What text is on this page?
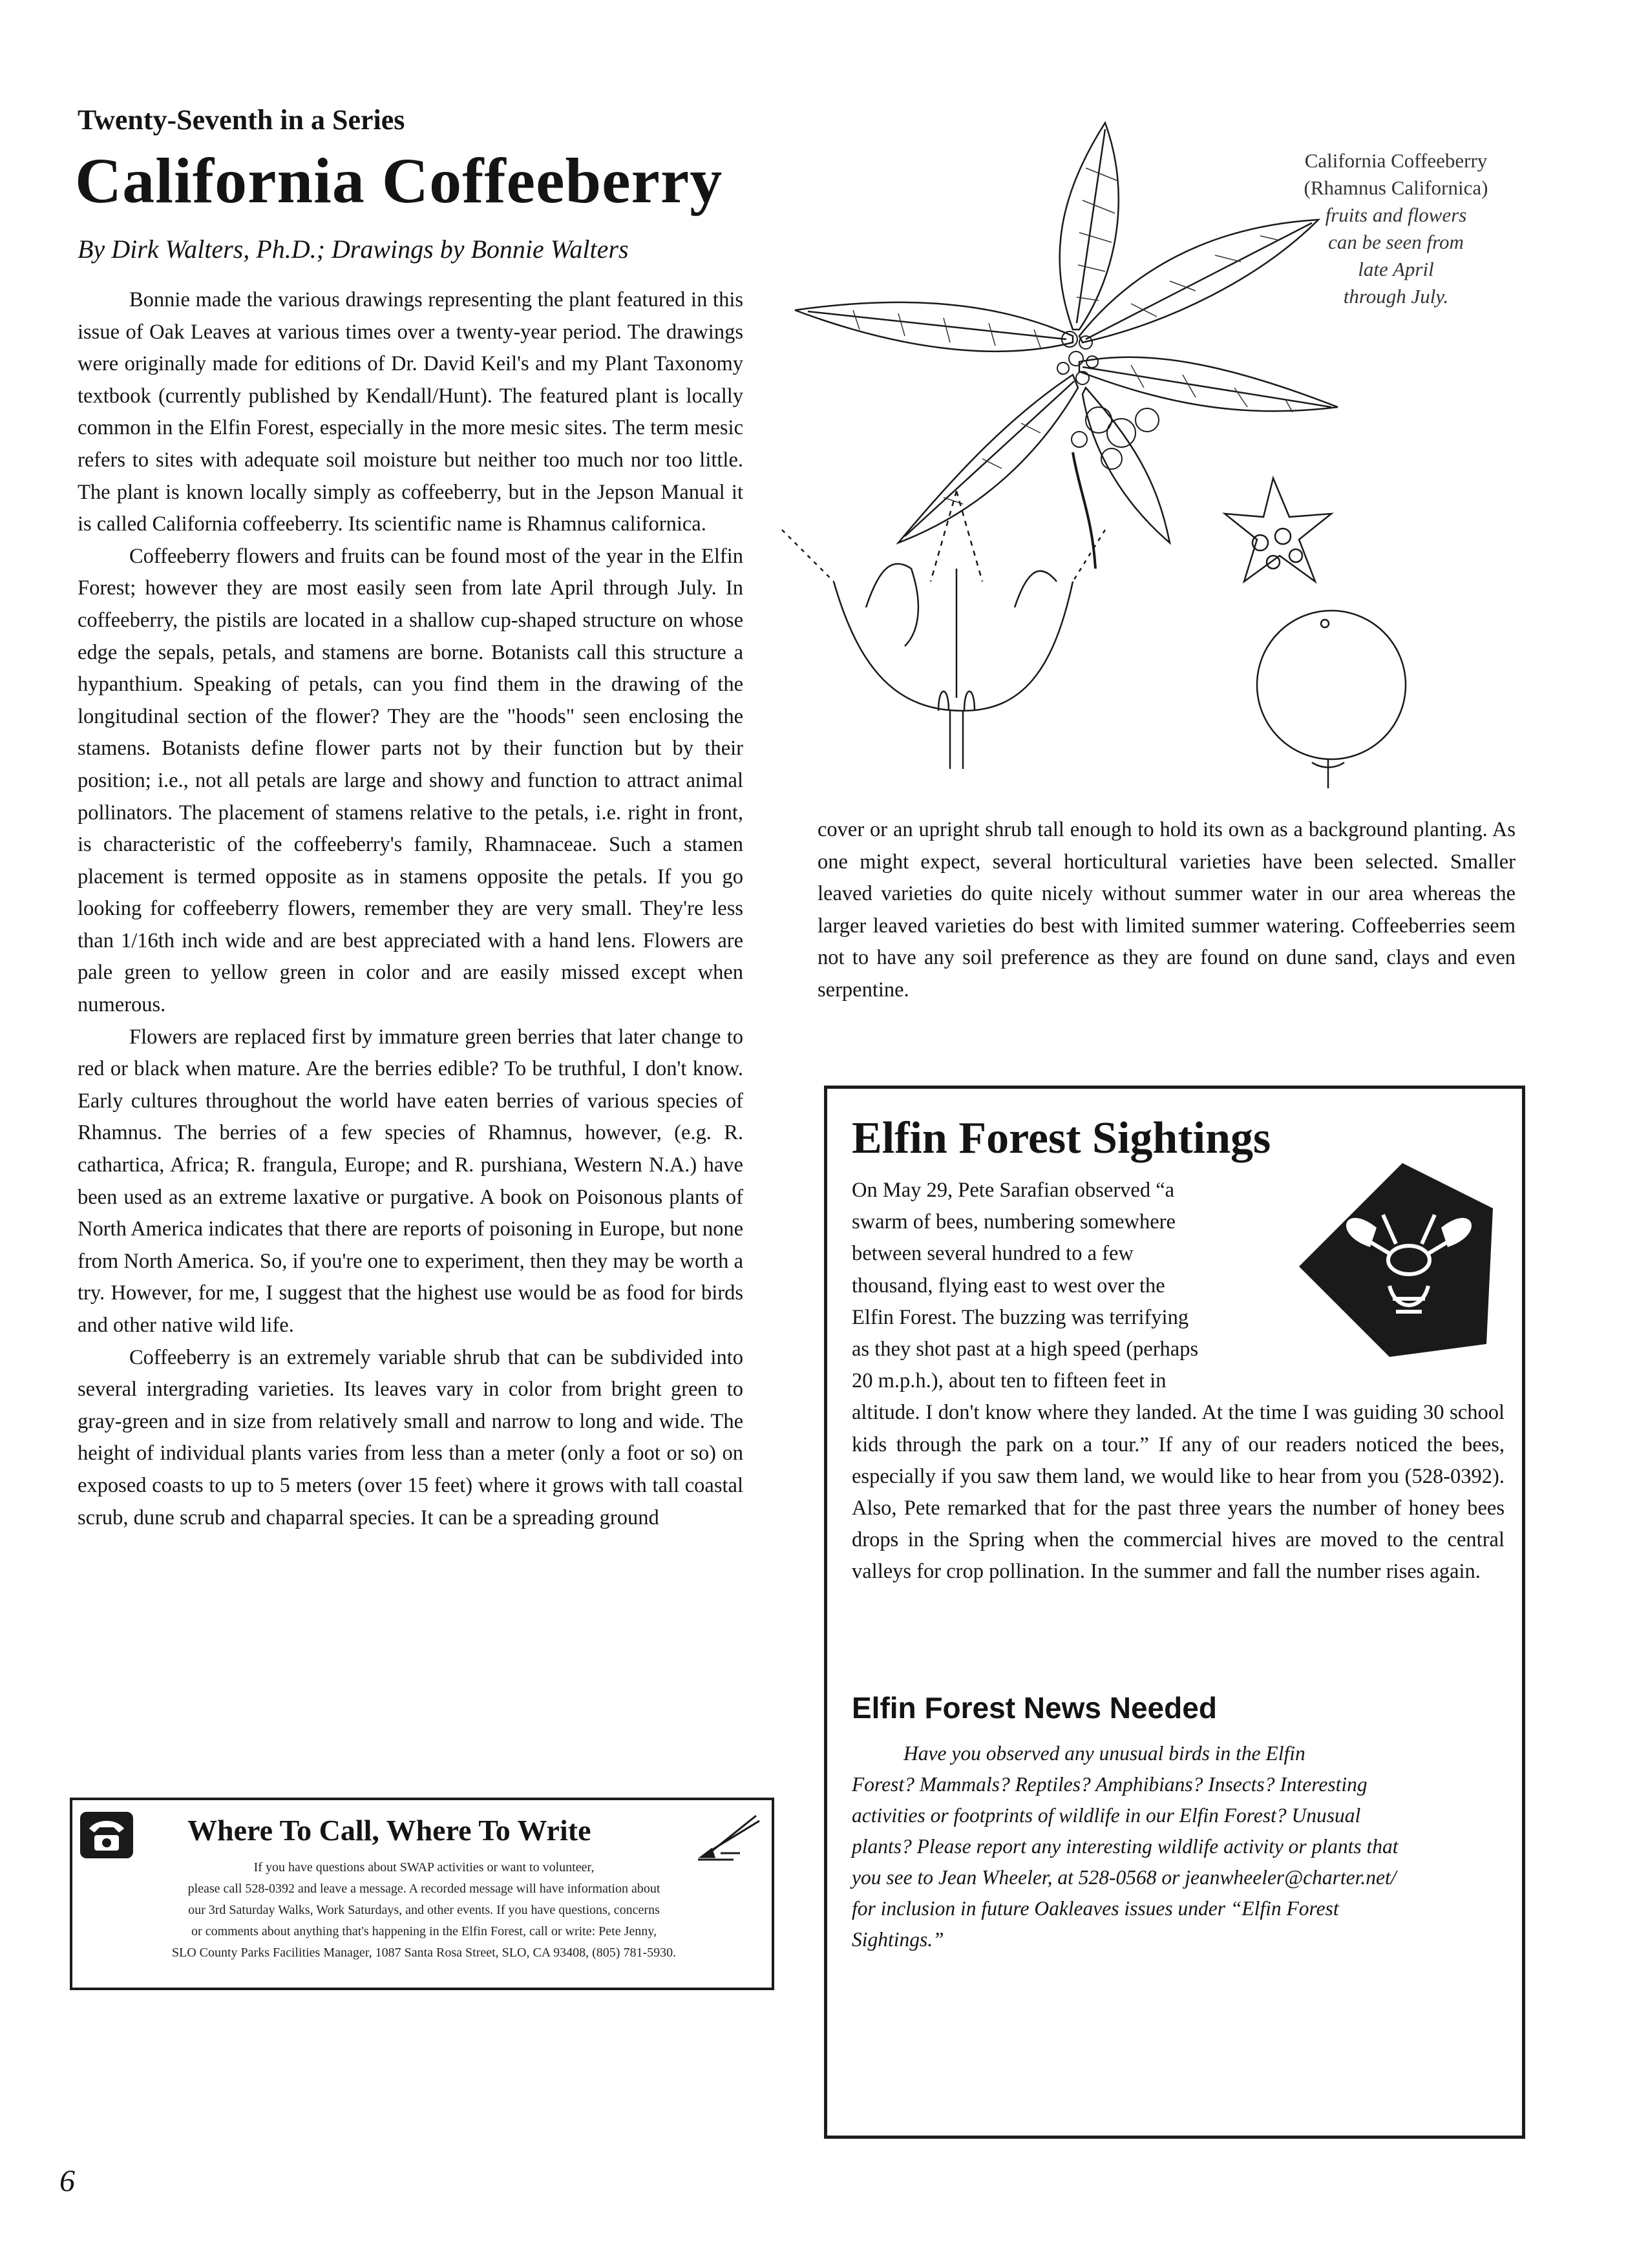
Twenty-Seventh in a Series
California Coffeeberry
By Dirk Walters, Ph.D.; Drawings by Bonnie Walters

Bonnie made the various drawings representing the plant featured in this issue of Oak Leaves at various times over a twenty-year period. The drawings were originally made for editions of Dr. David Keil's and my Plant Taxonomy textbook (currently published by Kendall/Hunt). The featured plant is locally common in the Elfin Forest, especially in the more mesic sites. The term mesic refers to sites with adequate soil moisture but neither too much nor too little. The plant is known locally simply as coffeeberry, but in the Jepson Manual it is called California coffeeberry. Its scientific name is Rhamnus californica.

Coffeeberry flowers and fruits can be found most of the year in the Elfin Forest; however they are most easily seen from late April through July. In coffeeberry, the pistils are located in a shallow cup-shaped structure on whose edge the sepals, petals, and stamens are borne. Botanists call this structure a hypanthium. Speaking of petals, can you find them in the drawing of the longitudinal section of the flower? They are the "hoods" seen enclosing the stamens. Botanists define flower parts not by their function but by their position; i.e., not all petals are large and showy and function to attract animal pollinators. The placement of stamens relative to the petals, i.e. right in front, is characteristic of the coffeeberry's family, Rhamnaceae. Such a stamen placement is termed opposite as in stamens opposite the petals. If you go looking for coffeeberry flowers, remember they are very small. They're less than 1/16th inch wide and are best appreciated with a hand lens. Flowers are pale green to yellow green in color and are easily missed except when numerous.

Flowers are replaced first by immature green berries that later change to red or black when mature. Are the berries edible? To be truthful, I don't know. Early cultures throughout the world have eaten berries of various species of Rhamnus. The berries of a few species of Rhamnus, however, (e.g. R. cathartica, Africa; R. frangula, Europe; and R. purshiana, Western N.A.) have been used as an extreme laxative or purgative. A book on Poisonous plants of North America indicates that there are reports of poisoning in Europe, but none from North America. So, if you're one to experiment, then they may be worth a try. However, for me, I suggest that the highest use would be as food for birds and other native wild life.

Coffeeberry is an extremely variable shrub that can be subdivided into several intergrading varieties. Its leaves vary in color from bright green to gray-green and in size from relatively small and narrow to long and wide. The height of individual plants varies from less than a meter (only a foot or so) on exposed coasts to up to 5 meters (over 15 feet) where it grows with tall coastal scrub, dune scrub and chaparral species. It can be a spreading ground

California Coffeeberry
(Rhamnus Californica)
fruits and flowers
can be seen from
late April
through July.

cover or an upright shrub tall enough to hold its own as a background planting. As one might expect, several horticultural varieties have been selected. Smaller leaved varieties do quite nicely without summer water in our area whereas the larger leaved varieties do best with limited summer watering. Coffeeberries seem not to have any soil preference as they are found on dune sand, clays and even serpentine.

Where To Call, Where To Write
If you have questions about SWAP activities or want to volunteer,
please call 528-0392 and leave a message. A recorded message will have information about
our 3rd Saturday Walks, Work Saturdays, and other events. If you have questions, concerns
or comments about anything that's happening in the Elfin Forest, call or write: Pete Jenny,
SLO County Parks Facilities Manager, 1087 Santa Rosa Street, SLO, CA 93408, (805) 781-5930.
Elfin Forest Sightings
On May 29, Pete Sarafian observed “a
swarm of bees, numbering somewhere
between several hundred to a few
thousand, flying east to west over the
Elfin Forest. The buzzing was terrifying
as they shot past at a high speed (perhaps
20 m.p.h.), about ten to fifteen feet in
altitude. I don't know where they landed. At the time I was guiding 30 school kids through the park on a tour.” If any of our readers noticed the bees, especially if you saw them land, we would like to hear from you (528-0392). Also, Pete remarked that for the past three years the number of honey bees drops in the Spring when the commercial hives are moved to the central valleys for crop pollination. In the summer and fall the number rises again.
Elfin Forest News Needed
Have you observed any unusual birds in the Elfin
Forest? Mammals? Reptiles? Amphibians? Insects? Interesting
activities or footprints of wildlife in our Elfin Forest? Unusual
plants? Please report any interesting wildlife activity or plants that
you see to Jean Wheeler, at 528-0568 or jeanwheeler@charter.net/
for inclusion in future Oakleaves issues under “Elfin Forest
Sightings.”
6
